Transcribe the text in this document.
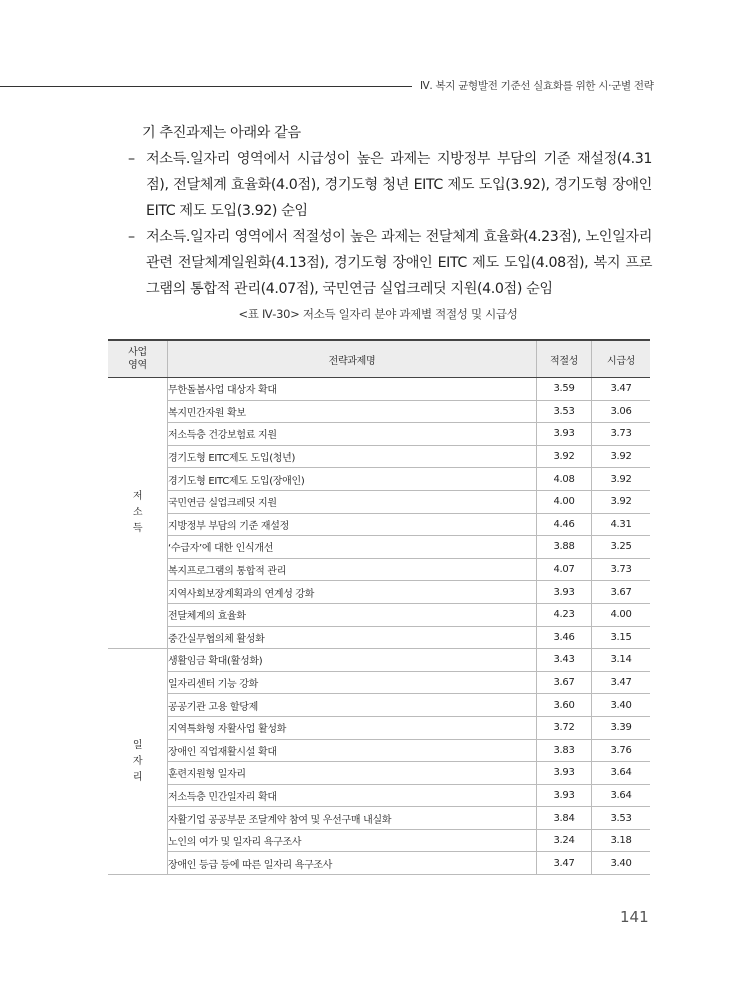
Ⅳ. 복지 균형발전 기준선 실효화를 위한 시·군별 전략
기 추진과제는 아래와 같음
– 저소득.일자리 영역에서 시급성이 높은 과제는 지방정부 부담의 기준 재설정(4.31점), 전달체계 효율화(4.0점), 경기도형 청년 EITC 제도 도입(3.92), 경기도형 장애인 EITC 제도 도입(3.92) 순임
– 저소득.일자리 영역에서 적절성이 높은 과제는 전달체계 효율화(4.23점), 노인일자리 관련 전달체계일원화(4.13점), 경기도형 장애인 EITC 제도 도입(4.08점), 복지 프로그램의 통합적 관리(4.07점), 국민연금 실업크레딧 지원(4.0점) 순임
<표 Ⅳ-30> 저소득 일자리 분야 과제별 적절성 및 시급성
사업
영역	전략과제명	적절성	시급성
저
소
득	무한돌봄사업 대상자 확대	3.59	3.47
	복지민간자원 확보	3.53	3.06
	저소득층 건강보험료 지원	3.93	3.73
	경기도형 EITC제도 도입(청년)	3.92	3.92
	경기도형 EITC제도 도입(장애인)	4.08	3.92
	국민연금 실업크레딧 지원	4.00	3.92
	지방정부 부담의 기준 재설정	4.46	4.31
	‘수급자’에 대한 인식개선	3.88	3.25
	복지프로그램의 통합적 관리	4.07	3.73
	지역사회보장계획과의 연계성 강화	3.93	3.67
	전달체계의 효율화	4.23	4.00
	중간실무협의체 활성화	3.46	3.15
일
자
리	생활임금 확대(활성화)	3.43	3.14
	일자리센터 기능 강화	3.67	3.47
	공공기관 고용 할당제	3.60	3.40
	지역특화형 자활사업 활성화	3.72	3.39
	장애인 직업재활시설 확대	3.83	3.76
	훈련지원형 일자리	3.93	3.64
	저소득층 민간일자리 확대	3.93	3.64
	자활기업 공공부문 조달계약 참여 및 우선구매 내실화	3.84	3.53
	노인의 여가 및 일자리 욕구조사	3.24	3.18
	장애인 등급 등에 따른 일자리 욕구조사	3.47	3.40
141
